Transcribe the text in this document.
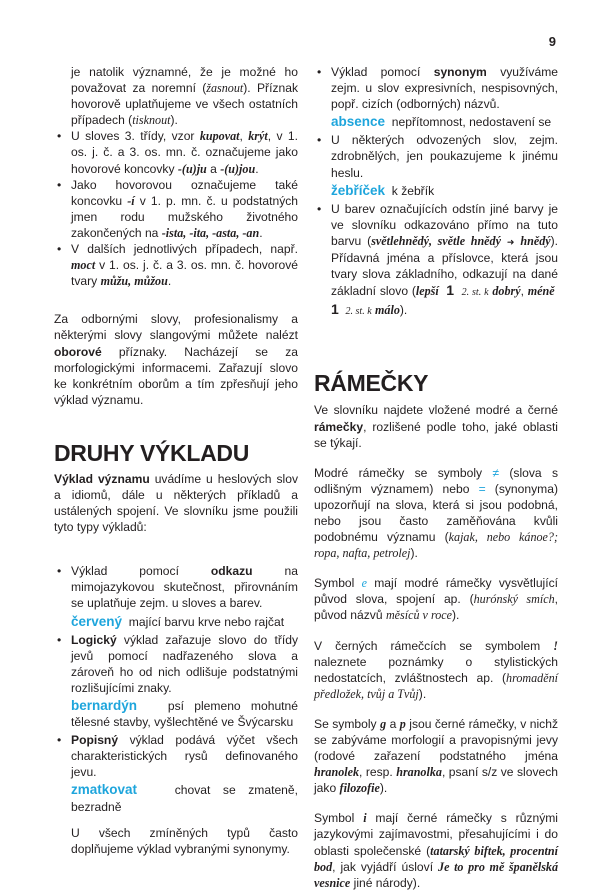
9

je natolik významné, že je možné ho považovat za noremní (žasnout). Příznak hovorově uplatňujeme ve všech ostatních případech (tisknout).

• U sloves 3. třídy, vzor kupovat, krýt, v 1. os. j. č. a 3. os. mn. č. označujeme jako hovorové koncovky -(u)ju a -(u)jou.
• Jako hovorovou označujeme také koncovku -í v 1. p. mn. č. u podstatných jmen rodu mužského životného zakončených na -ista, -ita, -asta, -an.
• V dalších jednotlivých případech, např. moct v 1. os. j. č. a 3. os. mn. č. hovorové tvary můžu, můžou.

Za odbornými slovy, profesionalismy a některými slovy slangovými můžete nalézt oborové příznaky. Nacházejí se za morfologickými informacemi. Zařazují slovo ke konkrétním oborům a tím zpřesňují jeho výklad významu.

DRUHY VÝKLADU

Výklad významu uvádíme u heslových slov a idiomů, dále u některých příkladů a ustálených spojení. Ve slovníku jsme použili tyto typy výkladů:

• Výklad pomocí odkazu na mimojazykovou skutečnost, přirovnáním se uplatňuje zejm. u sloves a barev.
červený mající barvu krve nebo rajčat
• Logický výklad zařazuje slovo do třídy jevů pomocí nadřazeného slova a zároveň ho od nich odlišuje podstatnými rozlišujícími znaky.
bernardýn	psí plemeno mohutné tělesné stavby, vyšlechtěné ve Švýcarsku
• Popisný výklad podává výčet všech charakteristických rysů definovaného jevu.
zmatkovat	chovat se zmateně, bezradně

U všech zmíněných typů často doplňujeme výklad vybranými synonymy.

• Výklad pomocí synonym využíváme zejm. u slov expresivních, nespisovných, popř. cizích (odborných) názvů.
absence nepřítomnost, nedostavení se
• U některých odvozených slov, zejm. zdrobnělých, jen poukazujeme k jinému heslu.
žebříček k žebřík
• U barev označujících odstín jiné barvy je ve slovníku odkazováno přímo na tuto barvu (světlehnědý, světle hnědý ➜ hnědý). Přídavná jména a příslovce, která jsou tvary slova základního, odkazují na dané základní slovo (lepší 1 2. st. k dobrý, méně  1 2. st. k málo).
RÁMEČKY

Ve slovníku najdete vložené modré a černé rámečky, rozlišené podle toho, jaké oblasti se týkají.

Modré rámečky se symboly ≠ (slova s odlišným významem) nebo = (synonyma) upozorňují na slova, která si jsou podobná, nebo jsou často zaměňována kvůli podobnému významu (kajak, nebo kánoe?; ropa, nafta, petrolej).

Symbol e mají modré rámečky vysvětlující původ slova, spojení ap. (hurónský smích, původ názvů měsíců v roce).

V černých rámečcích se symbolem ! naleznete poznámky o stylistických nedostatcích, zvláštnostech ap. (hromadění předložek, tvůj a Tvůj).

Se symboly g a p jsou černé rámečky, v nichž se zabýváme morfologií a pravopisnými jevy (rodové zařazení podstatného jména hranolek, resp. hranolka, psaní s/z ve slovech jako filozofie).

Symbol i mají černé rámečky s různými jazykovými zajímavostmi, přesahujícími i do oblasti společenské (tatarský biftek, procentní bod, jak vyjádří úsloví Je to pro mě španělská vesnice jiné národy).
